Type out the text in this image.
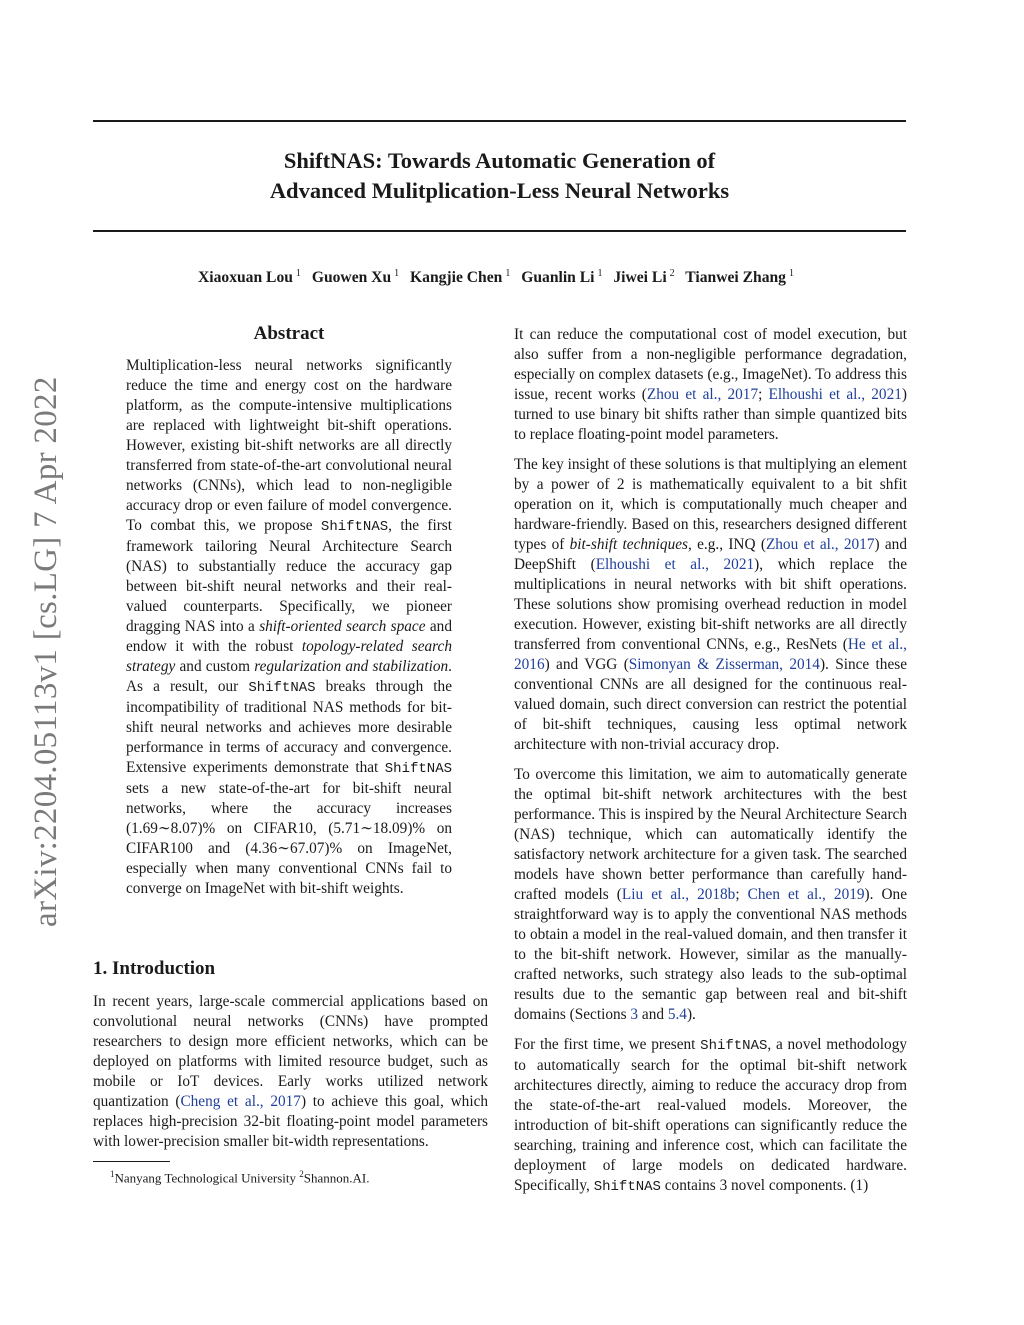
arXiv:2204.05113v1 [cs.LG] 7 Apr 2022
ShiftNAS: Towards Automatic Generation of
Advanced Mulitplication-Less Neural Networks
Xiaoxuan Lou $^1$ Guowen Xu $^1$ Kangjie Chen $^1$ Guanlin Li $^1$ Jiwei Li $^2$ Tianwei Zhang $^1$
Abstract
Multiplication-less neural networks significantly reduce the time and energy cost on the hardware platform, as the compute-intensive multiplications are replaced with lightweight bit-shift operations. However, existing bit-shift networks are all directly transferred from state-of-the-art convolutional neural networks (CNNs), which lead to non-negligible accuracy drop or even failure of model convergence. To combat this, we propose ShiftNAS, the first framework tailoring Neural Architecture Search (NAS) to substantially reduce the accuracy gap between bit-shift neural networks and their real-valued counterparts. Specifically, we pioneer dragging NAS into a shift-oriented search space and endow it with the robust topology-related search strategy and custom regularization and stabilization. As a result, our ShiftNAS breaks through the incompatibility of traditional NAS methods for bit-shift neural networks and achieves more desirable performance in terms of accuracy and convergence. Extensive experiments demonstrate that ShiftNAS sets a new state-of-the-art for bit-shift neural networks, where the accuracy increases (1.69∼8.07)% on CIFAR10, (5.71∼18.09)% on CIFAR100 and (4.36∼67.07)% on ImageNet, especially when many conventional CNNs fail to converge on ImageNet with bit-shift weights.
1. Introduction
In recent years, large-scale commercial applications based on convolutional neural networks (CNNs) have prompted researchers to design more efficient networks, which can be deployed on platforms with limited resource budget, such as mobile or IoT devices. Early works utilized network quantization (Cheng et al., 2017) to achieve this goal, which replaces high-precision 32-bit floating-point model parameters with lower-precision smaller bit-width representations.
$^1$Nanyang Technological University $^2$Shannon.AI.

It can reduce the computational cost of model execution, but also suffer from a non-negligible performance degradation, especially on complex datasets (e.g., ImageNet). To address this issue, recent works (Zhou et al., 2017; Elhoushi et al., 2021) turned to use binary bit shifts rather than simple quantized bits to replace floating-point model parameters.

The key insight of these solutions is that multiplying an element by a power of 2 is mathematically equivalent to a bit shfit operation on it, which is computationally much cheaper and hardware-friendly. Based on this, researchers designed different types of bit-shift techniques, e.g., INQ (Zhou et al., 2017) and DeepShift (Elhoushi et al., 2021), which replace the multiplications in neural networks with bit shift operations. These solutions show promising overhead reduction in model execution. However, existing bit-shift networks are all directly transferred from conventional CNNs, e.g., ResNets (He et al., 2016) and VGG (Simonyan & Zisserman, 2014). Since these conventional CNNs are all designed for the continuous real-valued domain, such direct conversion can restrict the potential of bit-shift techniques, causing less optimal network architecture with non-trivial accuracy drop.

To overcome this limitation, we aim to automatically generate the optimal bit-shift network architectures with the best performance. This is inspired by the Neural Architecture Search (NAS) technique, which can automatically identify the satisfactory network architecture for a given task. The searched models have shown better performance than carefully hand-crafted models (Liu et al., 2018b; Chen et al., 2019). One straightforward way is to apply the conventional NAS methods to obtain a model in the real-valued domain, and then transfer it to the bit-shift network. However, similar as the manually-crafted networks, such strategy also leads to the sub-optimal results due to the semantic gap between real and bit-shift domains (Sections 3 and 5.4).

For the first time, we present ShiftNAS, a novel methodology to automatically search for the optimal bit-shift network architectures directly, aiming to reduce the accuracy drop from the state-of-the-art real-valued models. Moreover, the introduction of bit-shift operations can significantly reduce the searching, training and inference cost, which can facilitate the deployment of large models on dedicated hardware. Specifically, ShiftNAS contains 3 novel components. (1)
